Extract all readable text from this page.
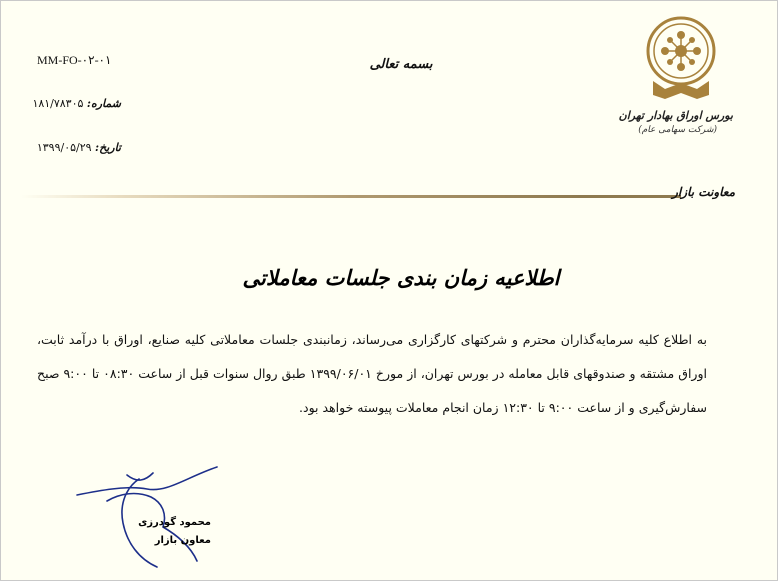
MM-FO-۰۲-۰۱
شماره: ۱۸۱/۷۸۳۰۵
تاریخ: ۱۳۹۹/۰۵/۲۹
بسمه تعالی
بورس اوراق بهادار تهران
(شرکت سهامی عام)
معاونت بازار
اطلاعیه زمان بندی جلسات معاملاتی
به اطلاع کلیه سرمایه‌گذاران محترم و شرکتهای کارگزاری می‌رساند، زمانبندی جلسات معاملاتی کلیه صنایع، اوراق با درآمد ثابت، اوراق مشتقه و صندوقهای قابل معامله در بورس تهران، از مورخ ۱۳۹۹/۰۶/۰۱ طبق روال سنوات قبل از ساعت ۰۸:۳۰ تا ۹:۰۰ صبح سفارش‌گیری و از ساعت ۹:۰۰ تا ۱۲:۳۰ زمان انجام معاملات پیوسته خواهد بود.
محمود گودرزی
معاون بازار
